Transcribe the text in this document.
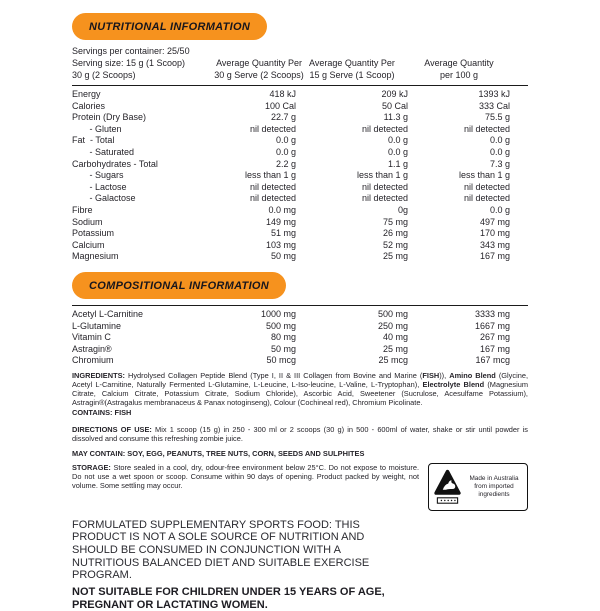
NUTRITIONAL INFORMATION
Servings per container: 25/50
Serving size: 15 g (1 Scoop)
30 g (2 Scoops)
Average Quantity Per
30 g Serve (2 Scoops)
Average Quantity Per
15 g Serve (1 Scoop)
Average Quantity
per 100 g
Energy	418 kJ	209 kJ	1393 kJ
Calories	100 Cal	50 Cal	333 Cal
Protein (Dry Base)	22.7 g	11.3 g	75.5 g
- Gluten	nil detected	nil detected	nil detected
Fat  - Total	0.0 g	0.0 g	0.0 g
- Saturated	0.0 g	0.0 g	0.0 g
Carbohydrates - Total	2.2 g	1.1 g	7.3 g
- Sugars	less than 1 g	less than 1 g	less than 1 g
- Lactose	nil detected	nil detected	nil detected
- Galactose	nil detected	nil detected	nil detected
Fibre	0.0 mg	0g	0.0 g
Sodium	149 mg	75 mg	497 mg
Potassium	51 mg	26 mg	170 mg
Calcium	103 mg	52 mg	343 mg
Magnesium	50 mg	25 mg	167 mg
COMPOSITIONAL INFORMATION
Acetyl L-Carnitine	1000 mg	500 mg	3333 mg
L-Glutamine	500 mg	250 mg	1667 mg
Vitamin C	80 mg	40 mg	267 mg
Astragin®	50 mg	25 mg	167 mg
Chromium	50 mcg	25 mcg	167 mcg

INGREDIENTS: Hydrolysed Collagen Peptide Blend (Type I, II & III Collagen from Bovine and Marine (FISH)), Amino Blend (Glycine, Acetyl L-Carnitine, Naturally Fermented L-Glutamine, L-Leucine, L-Iso-leucine, L-Valine, L-Tryptophan), Electrolyte Blend (Magnesium Citrate, Calcium Citrate, Potassium Citrate, Sodium Chloride), Ascorbic Acid, Sweetener (Sucrulose, Acesulfame Potassium), Astragin®(Astragalus membranaceus & Panax notoginseng), Colour (Cochineal red), Chromium Picolinate.

CONTAINS: FISH

DIRECTIONS OF USE: Mix 1 scoop (15 g) in 250 - 300 ml or 2 scoops (30 g) in 500 - 600ml of water, shake or stir until powder is dissolved and consume this refreshing zombie juice.

MAY CONTAIN: SOY, EGG, PEANUTS, TREE NUTS, CORN, SEEDS AND SULPHITES

STORAGE: Store sealed in a cool, dry, odour-free environment below 25°C. Do not expose to moisture. Do not use a wet spoon or scoop. Consume within 90 days of opening. Product packed by weight, not volume. Some settling may occur.

Made in Australia
from imported
ingredients

FORMULATED SUPPLEMENTARY SPORTS FOOD: THIS PRODUCT IS NOT A SOLE SOURCE OF NUTRITION AND SHOULD BE CONSUMED IN CONJUNCTION WITH A NUTRITIOUS BALANCED DIET AND SUITABLE EXERCISE PROGRAM.

NOT SUITABLE FOR CHILDREN UNDER 15 YEARS OF AGE, PREGNANT OR LACTATING WOMEN.
